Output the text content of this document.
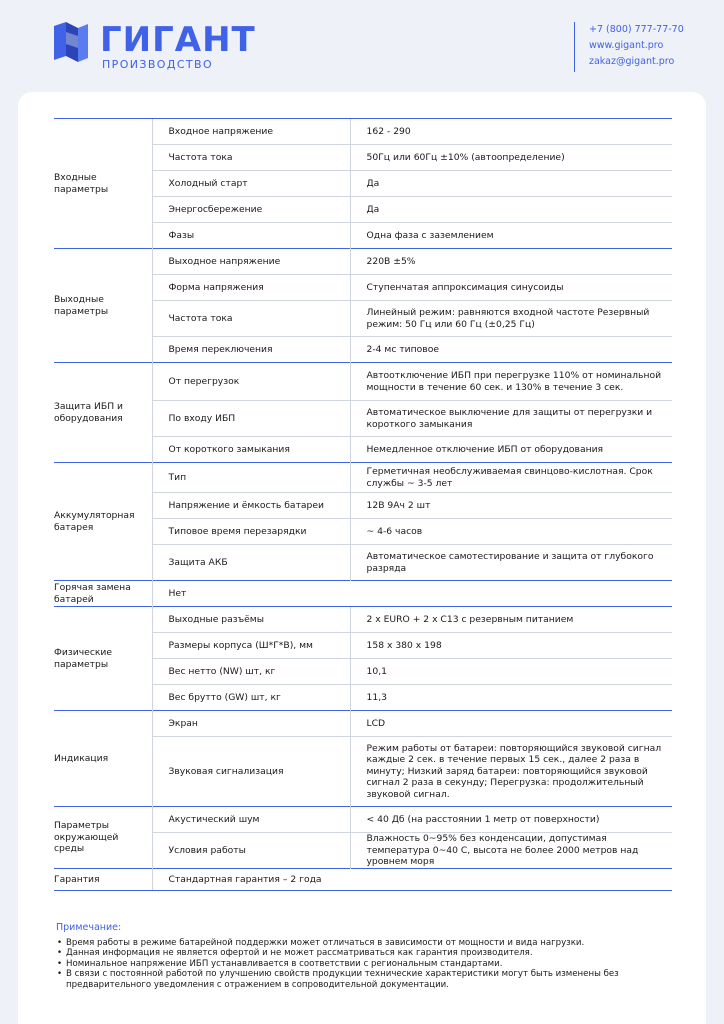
ГИГАНТ
ПРОИЗВОДСТВО
+7 (800) 777-77-70
www.gigant.pro
zakaz@gigant.pro
Входные параметры	Входное напряжение	162 - 290
	Частота тока	50Гц или 60Гц ±10% (автоопределение)
	Холодный старт	Да
	Энергосбережение	Да
	Фазы	Одна фаза с заземлением
Выходные параметры	Выходное напряжение	220В ±5%
	Форма напряжения	Ступенчатая аппроксимация синусоиды
	Частота тока	Линейный режим: равняются входной частоте Резервный режим: 50 Гц или 60 Гц (±0,25 Гц)
	Время переключения	2-4 мс типовое
Защита ИБП и оборудования	От перегрузок	Автоотключение ИБП при перегрузке 110% от номинальной мощности в течение 60 сек. и 130% в течение 3 сек.
	По входу ИБП	Автоматическое выключение для защиты от перегрузки и короткого замыкания
	От короткого замыкания	Немедленное отключение ИБП от оборудования
Аккумуляторная батарея	Тип	Герметичная необслуживаемая свинцово-кислотная. Срок службы ~ 3-5 лет
	Напряжение и ёмкость батареи	12В 9Ач 2 шт
	Типовое время перезарядки	~ 4-6 часов
	Защита АКБ	Автоматическое самотестирование и защита от глубокого разряда
Горячая замена батарей	Нет	
Физические параметры	Выходные разъёмы	2 x EURO + 2 x C13 с резервным питанием
	Размеры корпуса (Ш*Г*В), мм	158 x 380 x 198
	Вес нетто (NW) шт, кг	10,1
	Вес брутто (GW) шт, кг	11,3
Индикация	Экран	LCD
	Звуковая сигнализация	Режим работы от батареи: повторяющийся звуковой сигнал каждые 2 сек. в течение первых 15 сек., далее 2 раза в минуту; Низкий заряд батареи: повторяющийся звуковой сигнал 2 раза в секунду; Перегрузка: продолжительный звуковой сигнал.
Параметры окружающей среды	Акустический шум	< 40 Дб (на расстоянии 1 метр от поверхности)
	Условия работы	Влажность 0~95% без конденсации, допустимая температура 0~40 С, высота не более 2000 метров над уровнем моря
Гарантия	Стандартная гарантия – 2 года	
Примечание:
• Время работы в режиме батарейной поддержки может отличаться в зависимости от мощности и вида нагрузки.
• Данная информация не является офертой и не может рассматриваться как гарантия производителя.
• Номинальное напряжение ИБП устанавливается в соответствии с региональным стандартами.
• В связи с постоянной работой по улучшению свойств продукции технические характеристики могут быть изменены без предварительного уведомления с отражением в сопроводительной документации.
